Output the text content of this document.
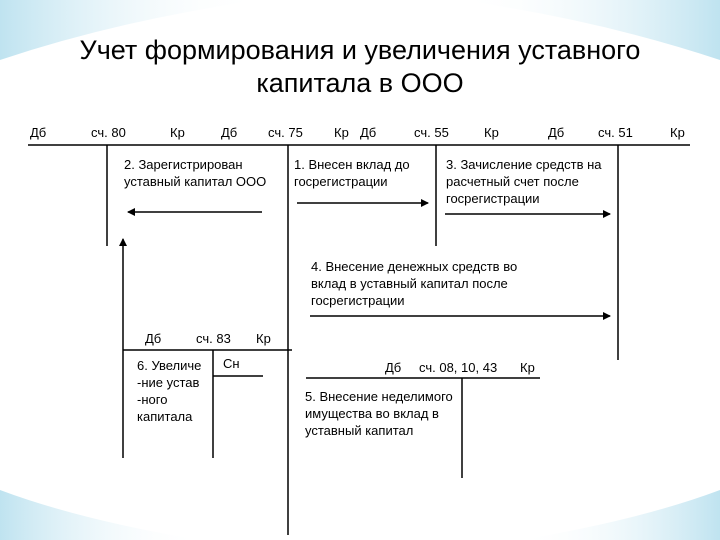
Учет формирования и увеличения уставного
капитала в ООО
Дб	сч. 80	Кр	Дб сч. 75 Кр Дб	сч. 55	Кр	Дб	сч. 51	Кр
Дб	сч. 83 Кр
Сн	Дб сч. 08, 10, 43 Кр
2. Зарегистрирован уставный капитал ООО
1. Внесен вклад до госрегистрации
3. Зачисление средств на расчетный счет после госрегистрации
4. Внесение денежных средств во вклад в уставный капитал после госрегистрации
5. Внесение неделимого имущества во вклад в уставный капитал
6. Увеличе
-ние устав
-ного
капитала
